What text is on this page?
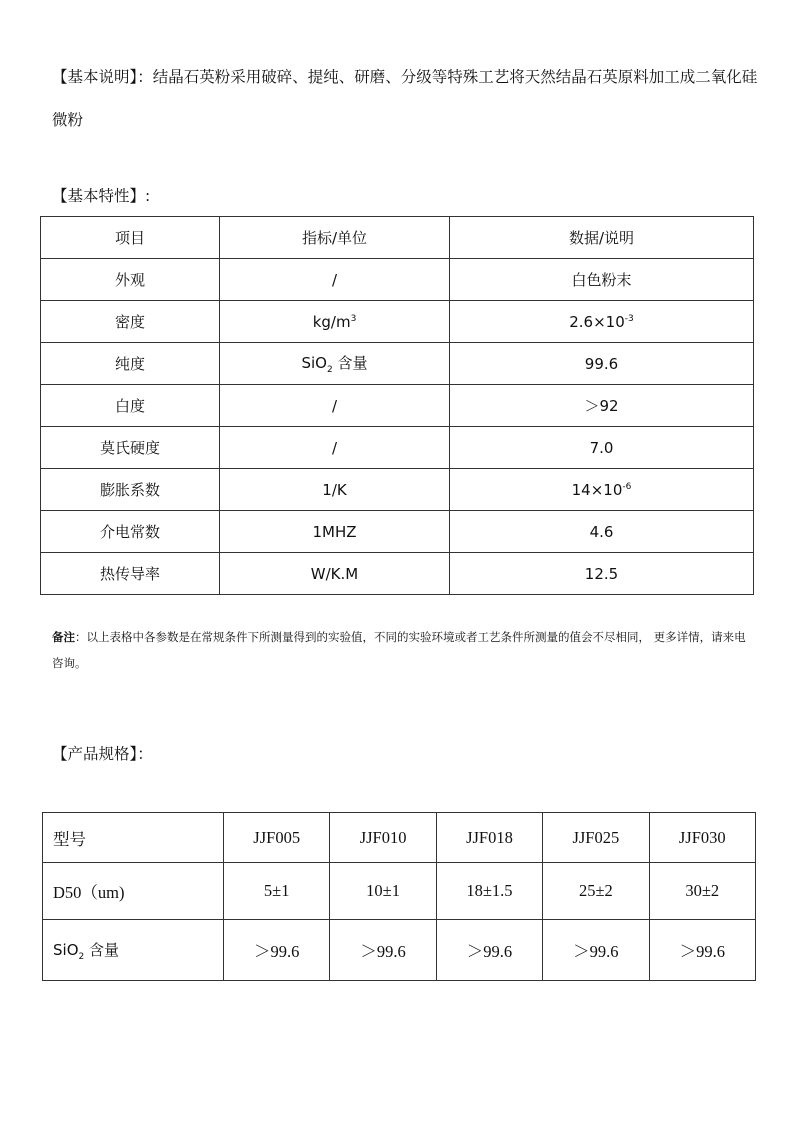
【基本说明】：结晶石英粉采用破碎、提纯、研磨、分级等特殊工艺将天然结晶石英原料加工成二氧化硅微粉
【基本特性】:
项目	指标/单位	数据/说明
外观	/	白色粉末
密度	$kg/m^3$	$2.6\times 10^{-3}$
纯度	SiO$_2$ 含量	99.6
白度	/	＞92
莫氏硬度	/	7.0
膨胀系数	1/K	$14\times 10^{-6}$
介电常数	1MHZ	4.6
热传导率	W/K.M	12.5
备注：以上表格中各参数是在常规条件下所测量得到的实验值，不同的实验环境或者工艺条件所测量的值会不尽相同， 更多详情，请来电咨询。
【产品规格】：
型号	JJF005	JJF010	JJF018	JJF025	JJF030
D50（um)	5±1	10±1	18±1.5	25±2	30±2
SiO$_2$ 含量	＞99.6	＞99.6	＞99.6	＞99.6	＞99.6
